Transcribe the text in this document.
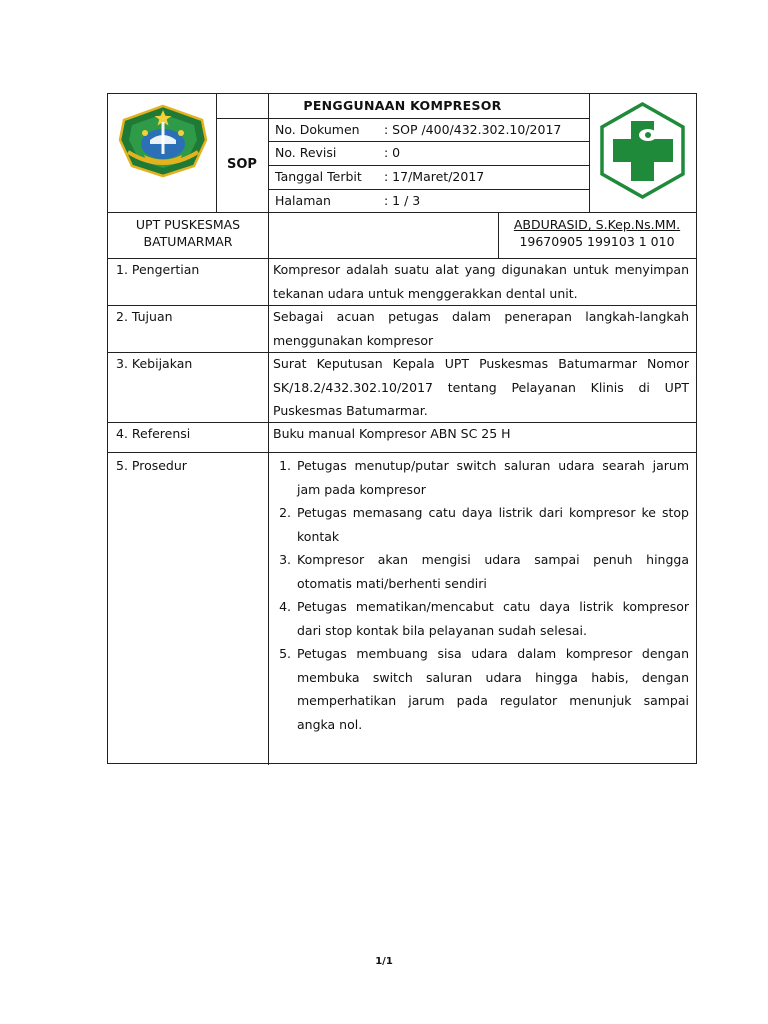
PENGGUNAAN KOMPRESOR
SOP
No. Dokumen	: SOP /400/432.302.10/2017
No. Revisi	: 0
Tanggal Terbit	: 17/Maret/2017
Halaman	: 1 / 3
UPT PUSKESMAS
BATUMARMAR
ABDURASID, S.Kep.Ns.MM.
19670905 199103 1 010
1. Pengertian	Kompresor adalah suatu alat yang digunakan untuk menyimpan tekanan udara untuk menggerakkan dental unit.
2. Tujuan	Sebagai acuan petugas dalam penerapan langkah-langkah menggunakan kompresor
3. Kebijakan	Surat Keputusan Kepala UPT Puskesmas Batumarmar Nomor SK/18.2/432.302.10/2017 tentang Pelayanan Klinis di UPT Puskesmas Batumarmar.
4. Referensi	Buku manual Kompresor ABN SC 25 H
5. Prosedur
1.	Petugas menutup/putar switch saluran udara searah jarum jam pada kompresor
2. Petugas memasang catu daya listrik dari kompresor ke stop kontak
3. Kompresor akan mengisi udara sampai penuh hingga otomatis mati/berhenti sendiri
4. Petugas mematikan/mencabut catu daya listrik kompresor dari stop kontak bila pelayanan sudah selesai.
5. Petugas membuang sisa udara dalam kompresor dengan membuka switch saluran udara hingga habis, dengan memperhatikan jarum pada regulator menunjuk sampai angka nol.
1/1
